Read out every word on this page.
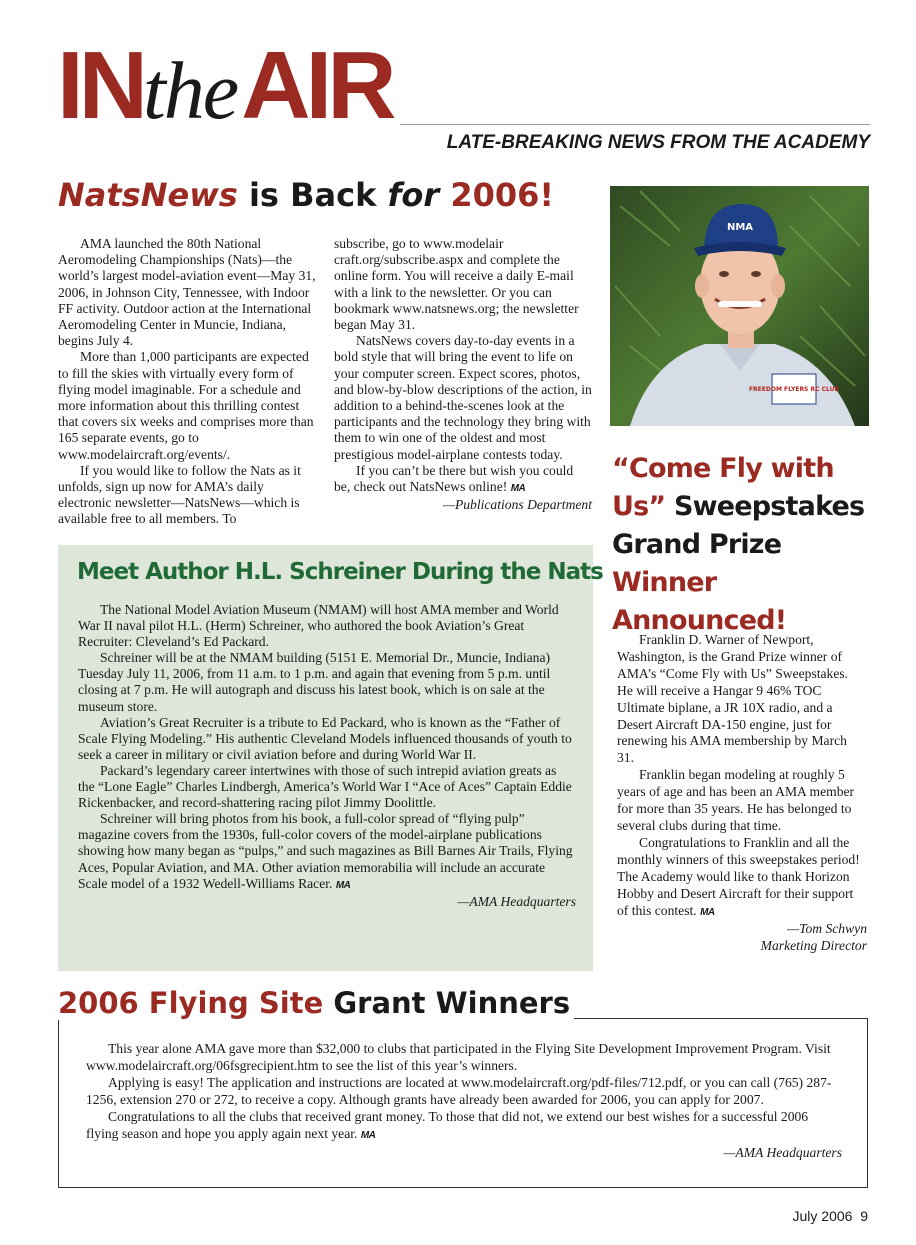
INtheAIR
LATE-BREAKING NEWS FROM THE ACADEMY
NatsNews is Back for 2006!

AMA launched the 80th National Aeromodeling Championships (Nats)—the world’s largest model-aviation event—May 31, 2006, in Johnson City, Tennessee, with Indoor FF activity. Outdoor action at the International Aeromodeling Center in Muncie, Indiana, begins July 4.

More than 1,000 participants are expected to fill the skies with virtually every form of flying model imaginable. For a schedule and more information about this thrilling contest that covers six weeks and comprises more than 165 separate events, go to www.modelaircraft.org/events/.

If you would like to follow the Nats as it unfolds, sign up now for AMA’s daily electronic newsletter—NatsNews—which is available free to all members. To

subscribe, go to www.modelair craft.org/subscribe.aspx and complete the online form. You will receive a daily E-mail with a link to the newsletter. Or you can bookmark www.natsnews.org; the newsletter began May 31.

NatsNews covers day-to-day events in a bold style that will bring the event to life on your computer screen. Expect scores, photos, and blow-by-blow descriptions of the action, in addition to a behind-the-scenes look at the participants and the technology they bring with them to win one of the oldest and most prestigious model-airplane contests today.

If you can’t be there but wish you could be, check out NatsNews online! MA

—Publications Department
NMA
FREEDOM FLYERS RC CLUB
“Come Fly with
Us” Sweepstakes
Grand Prize Winner
Announced!

Franklin D. Warner of Newport, Washington, is the Grand Prize winner of AMA’s “Come Fly with Us” Sweepstakes. He will receive a Hangar 9 46% TOC Ultimate biplane, a JR 10X radio, and a Desert Aircraft DA-150 engine, just for renewing his AMA membership by March 31.

Franklin began modeling at roughly 5 years of age and has been an AMA member for more than 35 years. He has belonged to several clubs during that time.

Congratulations to Franklin and all the monthly winners of this sweepstakes period! The Academy would like to thank Horizon Hobby and Desert Aircraft for their support of this contest. MA

—Tom Schwyn
Marketing Director
Meet Author H.L. Schreiner During the Nats

The National Model Aviation Museum (NMAM) will host AMA member and World War II naval pilot H.L. (Herm) Schreiner, who authored the book Aviation’s Great Recruiter: Cleveland’s Ed Packard.

Schreiner will be at the NMAM building (5151 E. Memorial Dr., Muncie, Indiana) Tuesday July 11, 2006, from 11 a.m. to 1 p.m. and again that evening from 5 p.m. until closing at 7 p.m. He will autograph and discuss his latest book, which is on sale at the museum store.

Aviation’s Great Recruiter is a tribute to Ed Packard, who is known as the “Father of Scale Flying Modeling.” His authentic Cleveland Models influenced thousands of youth to seek a career in military or civil aviation before and during World War II.

Packard’s legendary career intertwines with those of such intrepid aviation greats as the “Lone Eagle” Charles Lindbergh, America’s World War I “Ace of Aces” Captain Eddie Rickenbacker, and record-shattering racing pilot Jimmy Doolittle.

Schreiner will bring photos from his book, a full-color spread of “flying pulp” magazine covers from the 1930s, full-color covers of the model-airplane publications showing how many began as “pulps,” and such magazines as Bill Barnes Air Trails, Flying Aces, Popular Aviation, and MA. Other aviation memorabilia will include an accurate Scale model of a 1932 Wedell-Williams Racer. MA

—AMA Headquarters
2006 Flying Site Grant Winners

This year alone AMA gave more than $32,000 to clubs that participated in the Flying Site Development Improvement Program. Visit www.modelaircraft.org/06fsgrecipient.htm to see the list of this year’s winners.

Applying is easy! The application and instructions are located at www.modelaircraft.org/pdf-files/712.pdf, or you can call (765) 287-1256, extension 270 or 272, to receive a copy. Although grants have already been awarded for 2006, you can apply for 2007.

Congratulations to all the clubs that received grant money. To those that did not, we extend our best wishes for a successful 2006 flying season and hope you apply again next year. MA

—AMA Headquarters
July 2006  9
